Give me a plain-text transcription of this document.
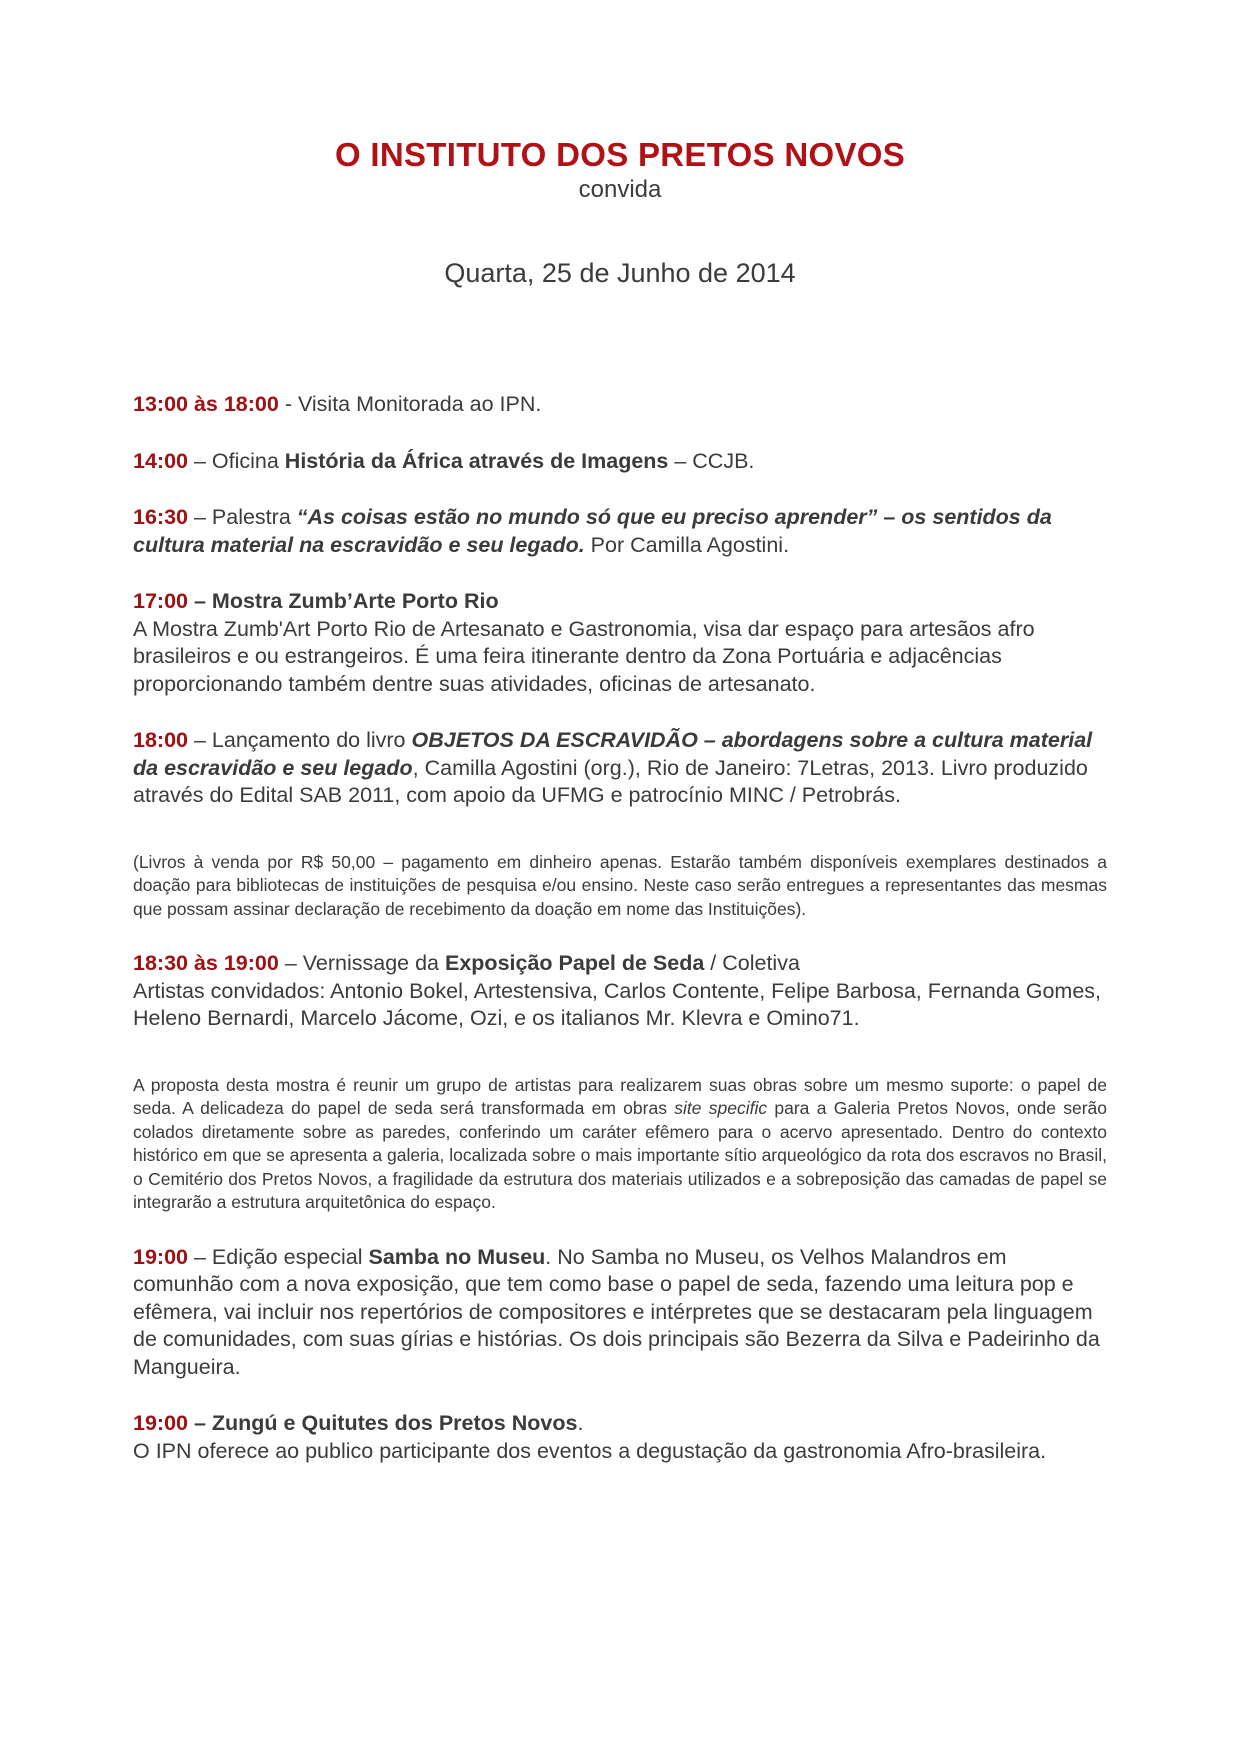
O INSTITUTO DOS PRETOS NOVOS

convida

Quarta, 25 de Junho de 2014

13:00 às 18:00 - Visita Monitorada ao IPN.

14:00 – Oficina História da África através de Imagens – CCJB.

16:30 – Palestra “As coisas estão no mundo só que eu preciso aprender” – os sentidos da cultura material na escravidão e seu legado. Por Camilla Agostini.

17:00 – Mostra Zumb’Arte Porto Rio
A Mostra Zumb'Art Porto Rio de Artesanato e Gastronomia, visa dar espaço para artesãos afro brasileiros e ou estrangeiros. É uma feira itinerante dentro da Zona Portuária e adjacências proporcionando também dentre suas atividades, oficinas de artesanato.

18:00 – Lançamento do livro OBJETOS DA ESCRAVIDÃO – abordagens sobre a cultura material da escravidão e seu legado, Camilla Agostini (org.), Rio de Janeiro: 7Letras, 2013. Livro produzido através do Edital SAB 2011, com apoio da UFMG e patrocínio MINC / Petrobrás.

(Livros à venda por R$ 50,00 – pagamento em dinheiro apenas. Estarão também disponíveis exemplares destinados a doação para bibliotecas de instituições de pesquisa e/ou ensino. Neste caso serão entregues a representantes das mesmas que possam assinar declaração de recebimento da doação em nome das Instituições).

18:30 às 19:00 – Vernissage da Exposição Papel de Seda / Coletiva
Artistas convidados: Antonio Bokel, Artestensiva, Carlos Contente, Felipe Barbosa, Fernanda Gomes, Heleno Bernardi, Marcelo Jácome, Ozi, e os italianos Mr. Klevra e Omino71.

A proposta desta mostra é reunir um grupo de artistas para realizarem suas obras sobre um mesmo suporte: o papel de seda. A delicadeza do papel de seda será transformada em obras site specific para a Galeria Pretos Novos, onde serão colados diretamente sobre as paredes, conferindo um caráter efêmero para o acervo apresentado. Dentro do contexto histórico em que se apresenta a galeria, localizada sobre o mais importante sítio arqueológico da rota dos escravos no Brasil, o Cemitério dos Pretos Novos, a fragilidade da estrutura dos materiais utilizados e a sobreposição das camadas de papel se integrarão a estrutura arquitetônica do espaço.

19:00 – Edição especial Samba no Museu. No Samba no Museu, os Velhos Malandros em comunhão com a nova exposição, que tem como base o papel de seda, fazendo uma leitura pop e efêmera, vai incluir nos repertórios de compositores e intérpretes que se destacaram pela linguagem de comunidades, com suas gírias e histórias. Os dois principais são Bezerra da Silva e Padeirinho da Mangueira.

19:00 – Zungú e Quitutes dos Pretos Novos.
O IPN oferece ao publico participante dos eventos a degustação da gastronomia Afro-brasileira.
